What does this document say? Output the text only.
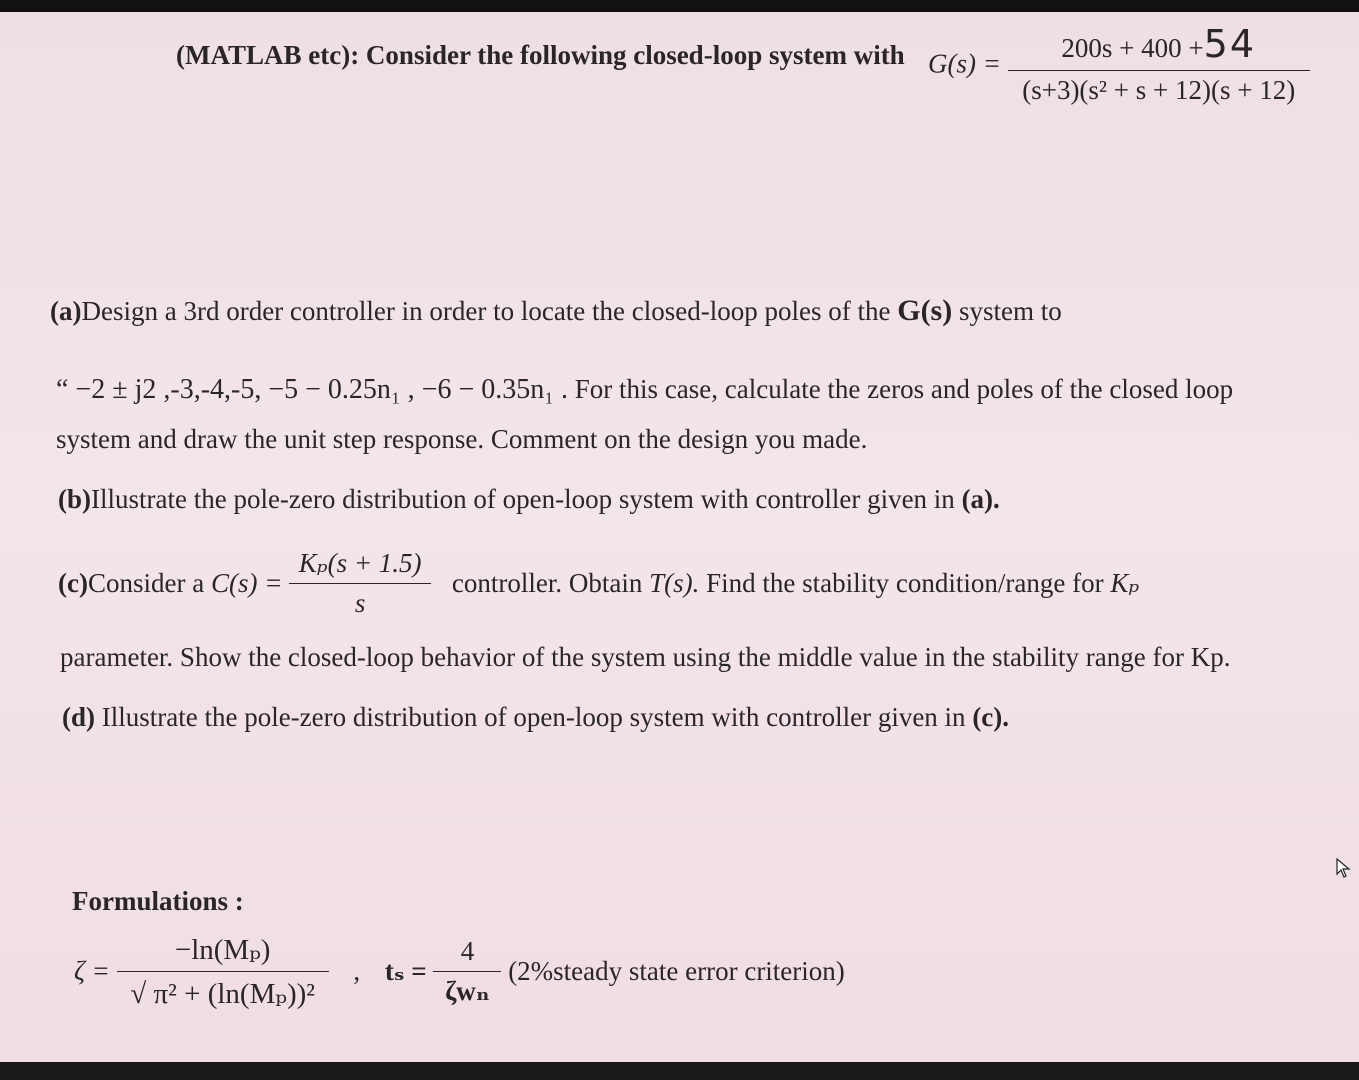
(MATLAB etc): Consider the following closed-loop system with $G(s) = \frac{200s + 400 +54}{\text{(s+3)(s² + s + 12)(s + 12)}}$
(a)Design a 3rd order controller in order to locate the closed-loop poles of the G(s) system to
“ −2 ± j2 ,-3,-4,-5, −5 − 0.25n₁ , −6 − 0.35n₁ . For this case, calculate the zeros and poles of the closed loop
system and draw the unit step response. Comment on the design you made.
(b)Illustrate the pole-zero distribution of open-loop system with controller given in (a).
(c)Consider a $C(s) = \frac{\text{Kₚ(s + 1.5)}}{s}$ controller. Obtain T(s). Find the stability condition/range for Kₚ
parameter. Show the closed-loop behavior of the system using the middle value in the stability range for Kp.
(d) Illustrate the pole-zero distribution of open-loop system with controller given in (c).
Formulations :
$\zeta = \frac{\text{−ln(Mₚ)}}{\text{√ π² + (ln(Mₚ))²}}$ , $t_s = \frac{4}{\text{ζwₙ}}$ (2%steady state error criterion)
